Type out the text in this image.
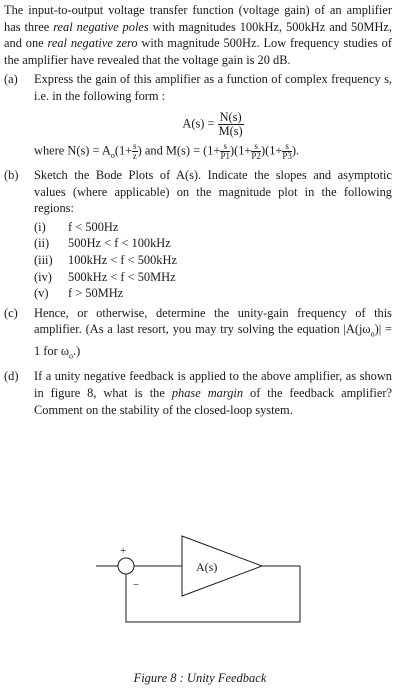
The input-to-output voltage transfer function (voltage gain) of an amplifier has three real negative poles with magnitudes 100kHz, 500kHz and 50MHz, and one real negative zero with magnitude 500Hz. Low frequency studies of the amplifier have revealed that the voltage gain is 20 dB.

(a)	Express the gain of this amplifier as a function of complex frequency s, i.e. in the following form :
$A(s) = \frac{N(s)}{M(s)}$
where $N(s) = A_o(1+ \frac{s}{z}$ ) and $M(s) = (1+ \frac{s}{P1} )(1+ \frac{s}{P2} )(1+ \frac{s}{P3}$ ).
(b)	Sketch the Bode Plots of A(s). Indicate the slopes and asymptotic values (where applicable) on the magnitude plot in the following regions:
(i)	f < 500Hz
(ii)	500Hz < f < 100kHz
(iii)	100kHz < f < 500kHz
(iv)	500kHz < f < 50MHz
(v)	f > 50MHz
(c)	Hence, or otherwise, determine the unity-gain frequency of this amplifier. (As a last resort, you may try solving the equation $|A(j\omega_o)| = 1$ for $\omega_o$.)
(d)	If a unity negative feedback is applied to the above amplifier, as shown in figure 8, what is the phase margin of the feedback amplifier? Comment on the stability of the closed-loop system.
+
−
A(s)
Figure 8 : Unity Feedback
